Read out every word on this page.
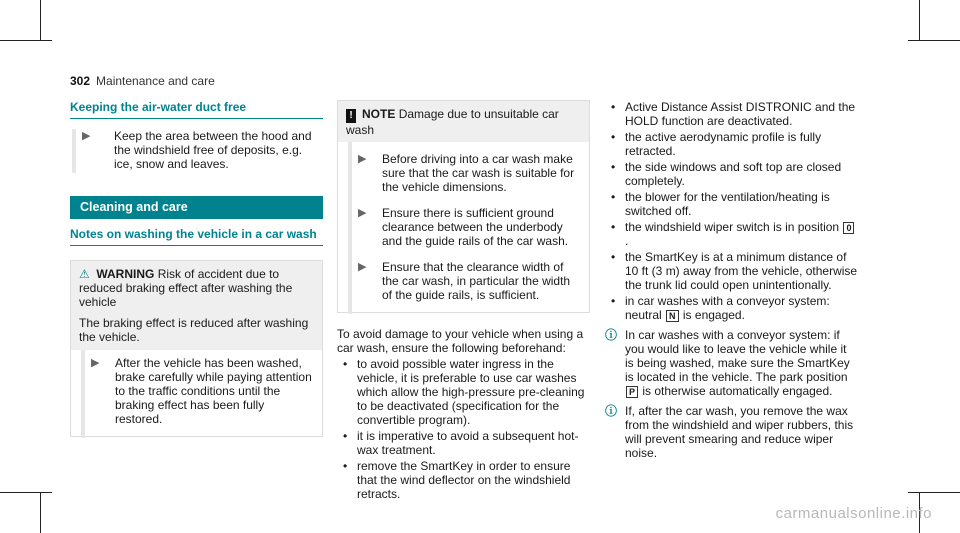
302 Maintenance and care
Keeping the air-water duct free
▶ Keep the area between the hood and the windshield free of deposits, e.g. ice, snow and leaves.
Cleaning and care
Notes on washing the vehicle in a car wash
⚠ WARNING Risk of accident due to reduced braking effect after washing the vehicle
The braking effect is reduced after washing the vehicle.
▶ After the vehicle has been washed, brake carefully while paying attention to the traffic conditions until the braking effect has been fully restored.
! NOTE Damage due to unsuitable car wash
▶ Before driving into a car wash make sure that the car wash is suitable for the vehicle dimensions.
▶ Ensure there is sufficient ground clearance between the underbody and the guide rails of the car wash.
▶ Ensure that the clearance width of the car wash, in particular the width of the guide rails, is sufficient.
To avoid damage to your vehicle when using a car wash, ensure the following beforehand:
• to avoid possible water ingress in the vehicle, it is preferable to use car washes which allow the high-pressure pre-cleaning to be deactivated (specification for the convertible program).
• it is imperative to avoid a subsequent hot-wax treatment.
• remove the SmartKey in order to ensure that the wind deflector on the windshield retracts.
• Active Distance Assist DISTRONIC and the HOLD function are deactivated.
• the active aerodynamic profile is fully retracted.
• the side windows and soft top are closed completely.
• the blower for the ventilation/heating is switched off.
• the windshield wiper switch is in position 0.
• the SmartKey is at a minimum distance of 10 ft (3 m) away from the vehicle, otherwise the trunk lid could open unintentionally.
• in car washes with a conveyor system: neutral N is engaged.
ⓘ In car washes with a conveyor system: if you would like to leave the vehicle while it is being washed, make sure the SmartKey is located in the vehicle. The park position P is otherwise automatically engaged.
ⓘ If, after the car wash, you remove the wax from the windshield and wiper rubbers, this will prevent smearing and reduce wiper noise.
carmanualsonline.info
